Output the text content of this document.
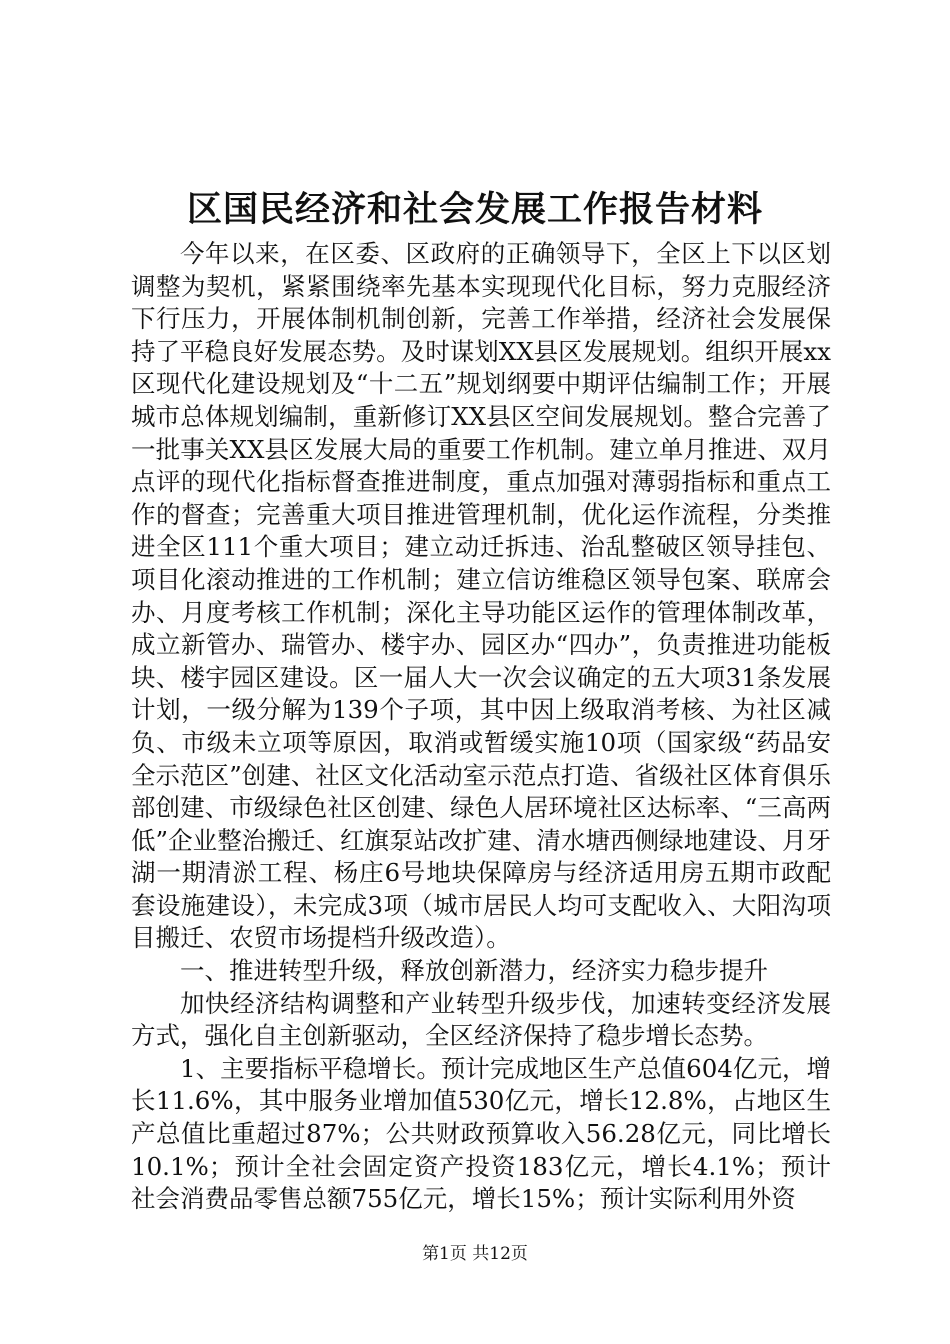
区国民经济和社会发展工作报告材料

今年以来，在区委、区政府的正确领导下，全区上下以区划调整为契机，紧紧围绕率先基本实现现代化目标，努力克服经济下行压力，开展体制机制创新，完善工作举措，经济社会发展保持了平稳良好发展态势。及时谋划XX县区发展规划。组织开展xx区现代化建设规划及“十二五”规划纲要中期评估编制工作；开展城市总体规划编制，重新修订XX县区空间发展规划。整合完善了一批事关XX县区发展大局的重要工作机制。建立单月推进、双月点评的现代化指标督查推进制度，重点加强对薄弱指标和重点工作的督查；完善重大项目推进管理机制，优化运作流程，分类推进全区111个重大项目；建立动迁拆违、治乱整破区领导挂包、项目化滚动推进的工作机制；建立信访维稳区领导包案、联席会办、月度考核工作机制；深化主导功能区运作的管理体制改革，成立新管办、瑞管办、楼宇办、园区办“四办”，负责推进功能板块、楼宇园区建设。区一届人大一次会议确定的五大项31条发展计划，一级分解为139个子项，其中因上级取消考核、为社区减负、市级未立项等原因，取消或暂缓实施10项（国家级“药品安全示范区”创建、社区文化活动室示范点打造、省级社区体育俱乐部创建、市级绿色社区创建、绿色人居环境社区达标率、“三高两低”企业整治搬迁、红旗泵站改扩建、清水塘西侧绿地建设、月牙湖一期清淤工程、杨庄6号地块保障房与经济适用房五期市政配套设施建设），未完成3项（城市居民人均可支配收入、大阳沟项目搬迁、农贸市场提档升级改造）。

一、推进转型升级，释放创新潜力，经济实力稳步提升

加快经济结构调整和产业转型升级步伐，加速转变经济发展方式，强化自主创新驱动，全区经济保持了稳步增长态势。

1、主要指标平稳增长。预计完成地区生产总值604亿元，增长11.6%，其中服务业增加值530亿元，增长12.8%，占地区生产总值比重超过87%；公共财政预算收入56.28亿元，同比增长10.1%；预计全社会固定资产投资183亿元，增长4.1%；预计社会消费品零售总额755亿元，增长15%；预计实际利用外资

第1页 共12页
